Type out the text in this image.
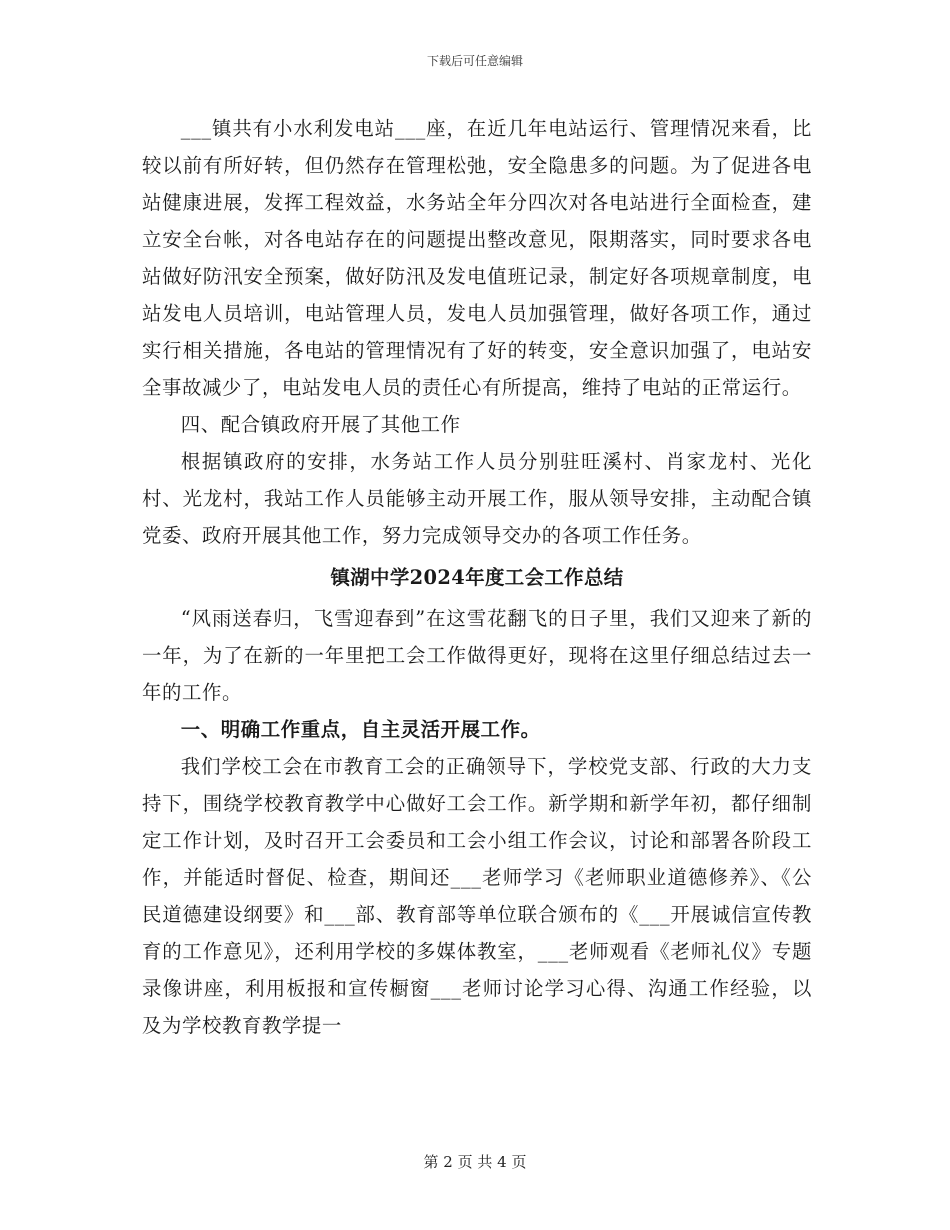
下载后可任意编辑

___镇共有小水利发电站___座，在近几年电站运行、管理情况来看，比较以前有所好转，但仍然存在管理松弛，安全隐患多的问题。为了促进各电站健康进展，发挥工程效益，水务站全年分四次对各电站进行全面检查，建立安全台帐，对各电站存在的问题提出整改意见，限期落实，同时要求各电站做好防汛安全预案，做好防汛及发电值班记录，制定好各项规章制度，电站发电人员培训，电站管理人员，发电人员加强管理，做好各项工作，通过实行相关措施，各电站的管理情况有了好的转变，安全意识加强了，电站安全事故减少了，电站发电人员的责任心有所提高，维持了电站的正常运行。

四、配合镇政府开展了其他工作

根据镇政府的安排，水务站工作人员分别驻旺溪村、肖家龙村、光化村、光龙村，我站工作人员能够主动开展工作，服从领导安排，主动配合镇党委、政府开展其他工作，努力完成领导交办的各项工作任务。

镇湖中学2024年度工会工作总结

“风雨送春归，飞雪迎春到”在这雪花翻飞的日子里，我们又迎来了新的一年，为了在新的一年里把工会工作做得更好，现将在这里仔细总结过去一年的工作。

一、明确工作重点，自主灵活开展工作。

我们学校工会在市教育工会的正确领导下，学校党支部、行政的大力支持下，围绕学校教育教学中心做好工会工作。新学期和新学年初，都仔细制定工作计划，及时召开工会委员和工会小组工作会议，讨论和部署各阶段工作，并能适时督促、检查，期间还___老师学习《老师职业道德修养》、《公民道德建设纲要》和___部、教育部等单位联合颁布的《___开展诚信宣传教育的工作意见》，还利用学校的多媒体教室，___老师观看《老师礼仪》专题录像讲座，利用板报和宣传橱窗___老师讨论学习心得、沟通工作经验，以及为学校教育教学提一

第 2 页 共 4 页
